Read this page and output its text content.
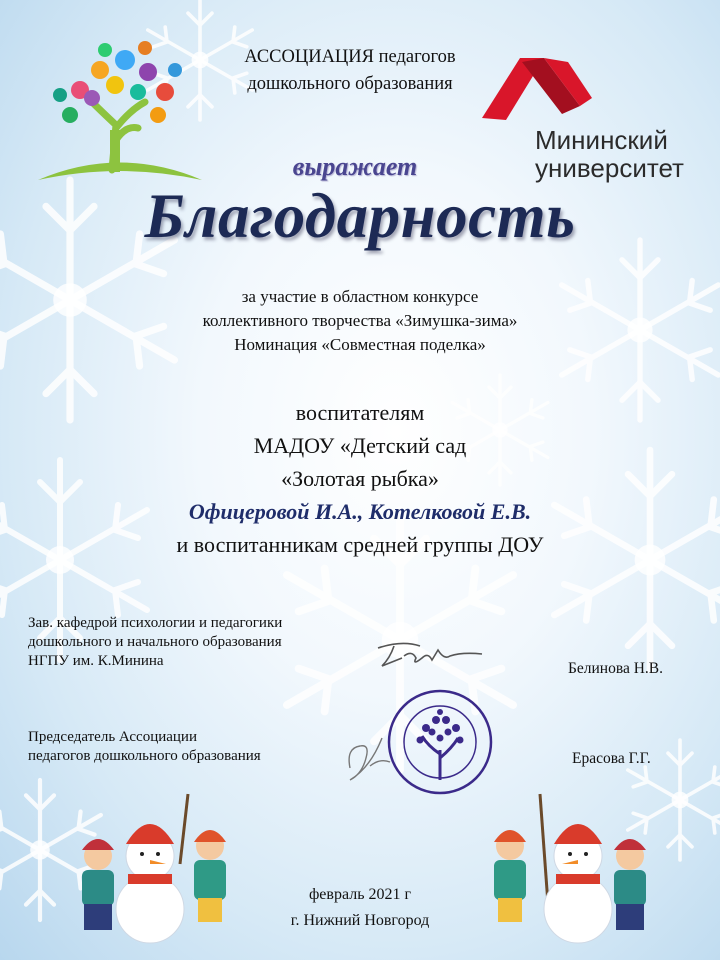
АССОЦИАЦИЯ педагогов
дошкольного образования
Мининский
университет
выражает
Благодарность
за участие в областном конкурсе
коллективного творчества «Зимушка-зима»
Номинация «Совместная поделка»
воспитателям
МАДОУ «Детский сад
«Золотая рыбка»
Офицеровой И.А., Котелковой Е.В.
и воспитанникам средней группы ДОУ
Зав. кафедрой психологии и педагогики
дошкольного и начального образования
НГПУ им. К.Минина	Белинова Н.В.
Председатель Ассоциации
педагогов дошкольного образования	Ерасова Г.Г.
февраль 2021 г
г. Нижний Новгород
